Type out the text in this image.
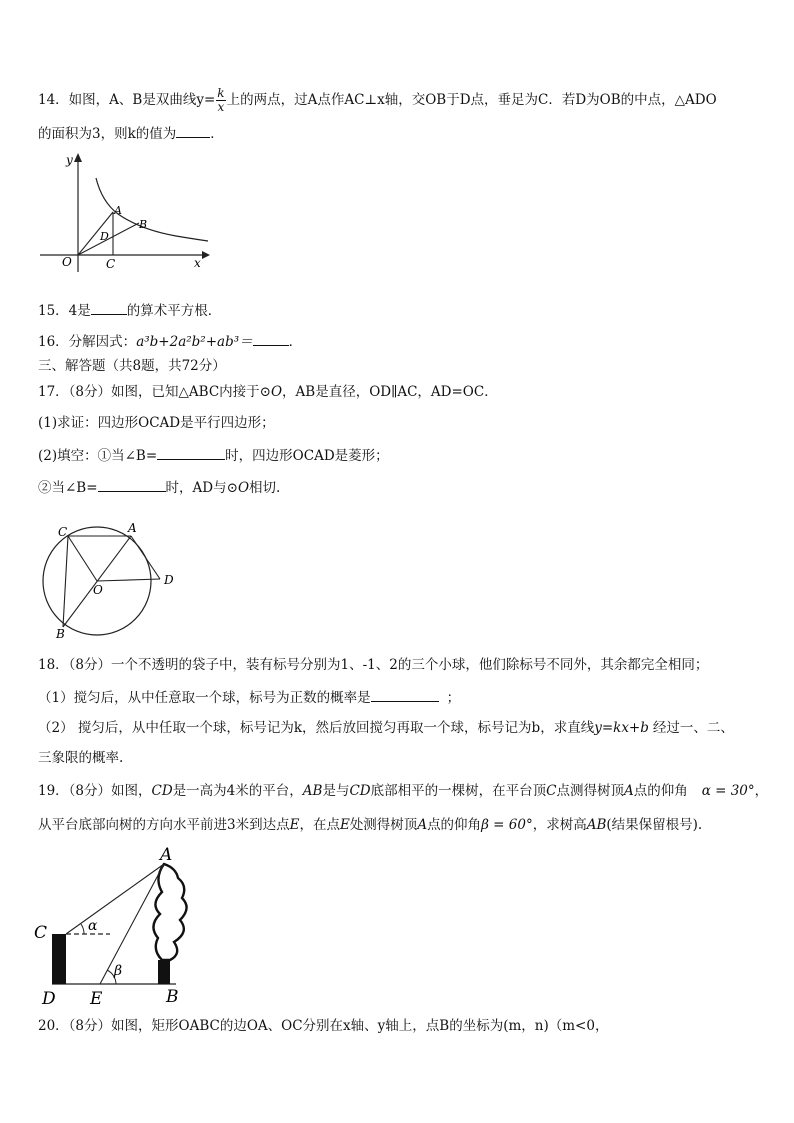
14．如图，A、B是双曲线$y= \frac{k}{x}$ 上的两点，过A点作AC⊥x轴，交OB于D点，垂足为C．若D为OB的中点，△ADO
的面积为3，则k的值为	．
y
O	C	x
A
B
D
15．4是	的算术平方根．
16．分解因式：a³b+2a²b²+ab³＝	．
三、解答题（共8题，共72分）
17．（8分）如图，已知△ABC内接于⊙O，AB是直径，OD∥AC，AD=OC．
(1)求证：四边形OCAD是平行四边形；
(2)填空：①当∠B=	时，四边形OCAD是菱形；
②当∠B=	时，AD与⊙O相切.
C	A
O
D
B
18．（8分）一个不透明的袋子中，装有标号分别为1、-1、2的三个小球，他们除标号不同外，其余都完全相同；
（1）搅匀后，从中任意取一个球，标号为正数的概率是	；
（2） 搅匀后，从中任取一个球，标号记为k，然后放回搅匀再取一个球，标号记为b，求直线y=kx+b 经过一、二、
三象限的概率.
19．（8分）如图，CD是一高为4米的平台，AB是与CD底部相平的一棵树，在平台顶C点测得树顶A点的仰角 α = 30°，
从平台底部向树的方向水平前进3米到达点E，在点E处测得树顶A点的仰角β = 60°，求树高AB(结果保留根号).
C
A
α
β
D E	B
20．（8分）如图，矩形OABC的边OA、OC分别在x轴、y轴上，点B的坐标为(m，n)（m<0，
